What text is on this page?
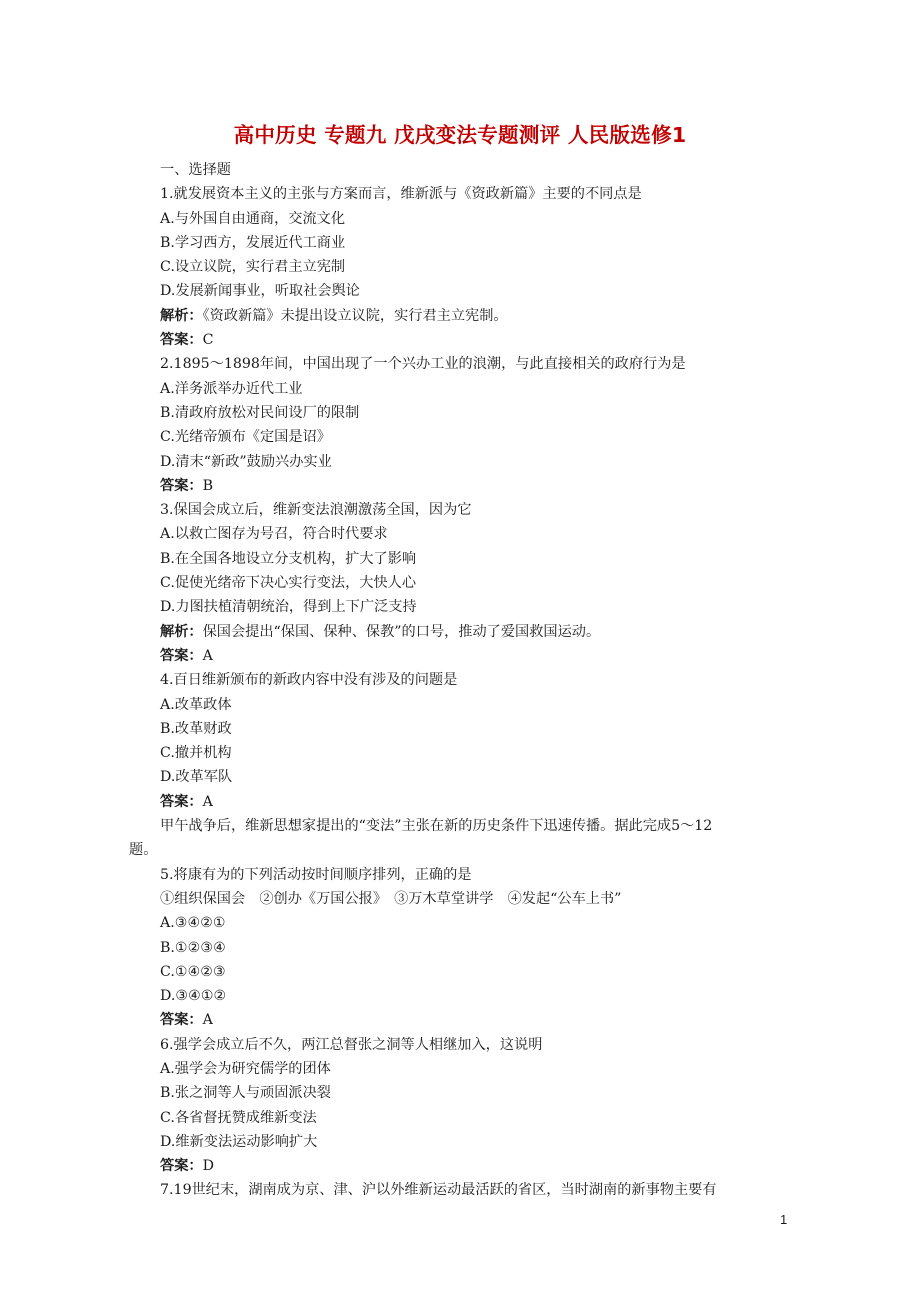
高中历史 专题九 戊戌变法专题测评 人民版选修1
一、选择题
1.就发展资本主义的主张与方案而言，维新派与《资政新篇》主要的不同点是
A.与外国自由通商，交流文化
B.学习西方，发展近代工商业
C.设立议院，实行君主立宪制
D.发展新闻事业，听取社会舆论
解析：《资政新篇》未提出设立议院，实行君主立宪制。
答案：C
2.1895～1898年间，中国出现了一个兴办工业的浪潮，与此直接相关的政府行为是
A.洋务派举办近代工业
B.清政府放松对民间设厂的限制
C.光绪帝颁布《定国是诏》
D.清末“新政”鼓励兴办实业
答案：B
3.保国会成立后，维新变法浪潮激荡全国，因为它
A.以救亡图存为号召，符合时代要求
B.在全国各地设立分支机构，扩大了影响
C.促使光绪帝下决心实行变法，大快人心
D.力图扶植清朝统治，得到上下广泛支持
解析：保国会提出“保国、保种、保教”的口号，推动了爱国救国运动。
答案：A
4.百日维新颁布的新政内容中没有涉及的问题是
A.改革政体
B.改革财政
C.撤并机构
D.改革军队
答案：A
甲午战争后，维新思想家提出的“变法”主张在新的历史条件下迅速传播。据此完成5～12
题。
5.将康有为的下列活动按时间顺序排列，正确的是
①组织保国会　②创办《万国公报》　③万木草堂讲学　④发起“公车上书”
A.③④②①
B.①②③④
C.①④②③
D.③④①②
答案：A
6.强学会成立后不久，两江总督张之洞等人相继加入，这说明
A.强学会为研究儒学的团体
B.张之洞等人与顽固派决裂
C.各省督抚赞成维新变法
D.维新变法运动影响扩大
答案：D
7.19世纪末，湖南成为京、津、沪以外维新运动最活跃的省区，当时湖南的新事物主要有
1
